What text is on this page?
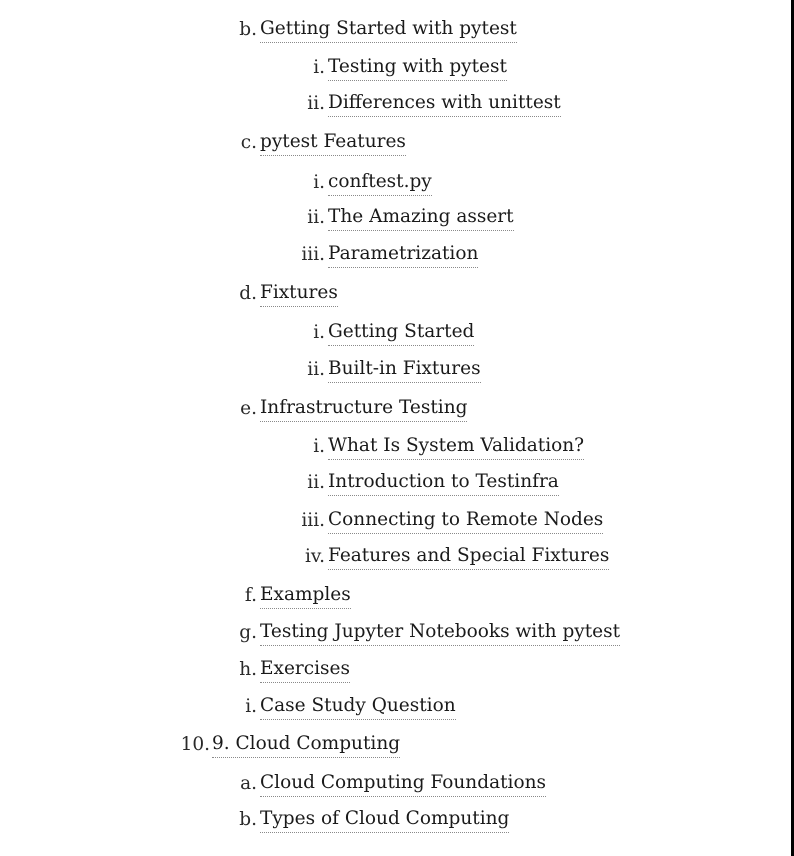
b. Getting Started with pytest
i. Testing with pytest
ii. Differences with unittest
c. pytest Features
i. conftest.py
ii. The Amazing assert
iii. Parametrization
d. Fixtures
i. Getting Started
ii. Built-in Fixtures
e. Infrastructure Testing
i. What Is System Validation?
ii. Introduction to Testinfra
iii. Connecting to Remote Nodes
iv. Features and Special Fixtures
f. Examples
g. Testing Jupyter Notebooks with pytest
h. Exercises
i. Case Study Question
10. 9. Cloud Computing
a. Cloud Computing Foundations
b. Types of Cloud Computing
